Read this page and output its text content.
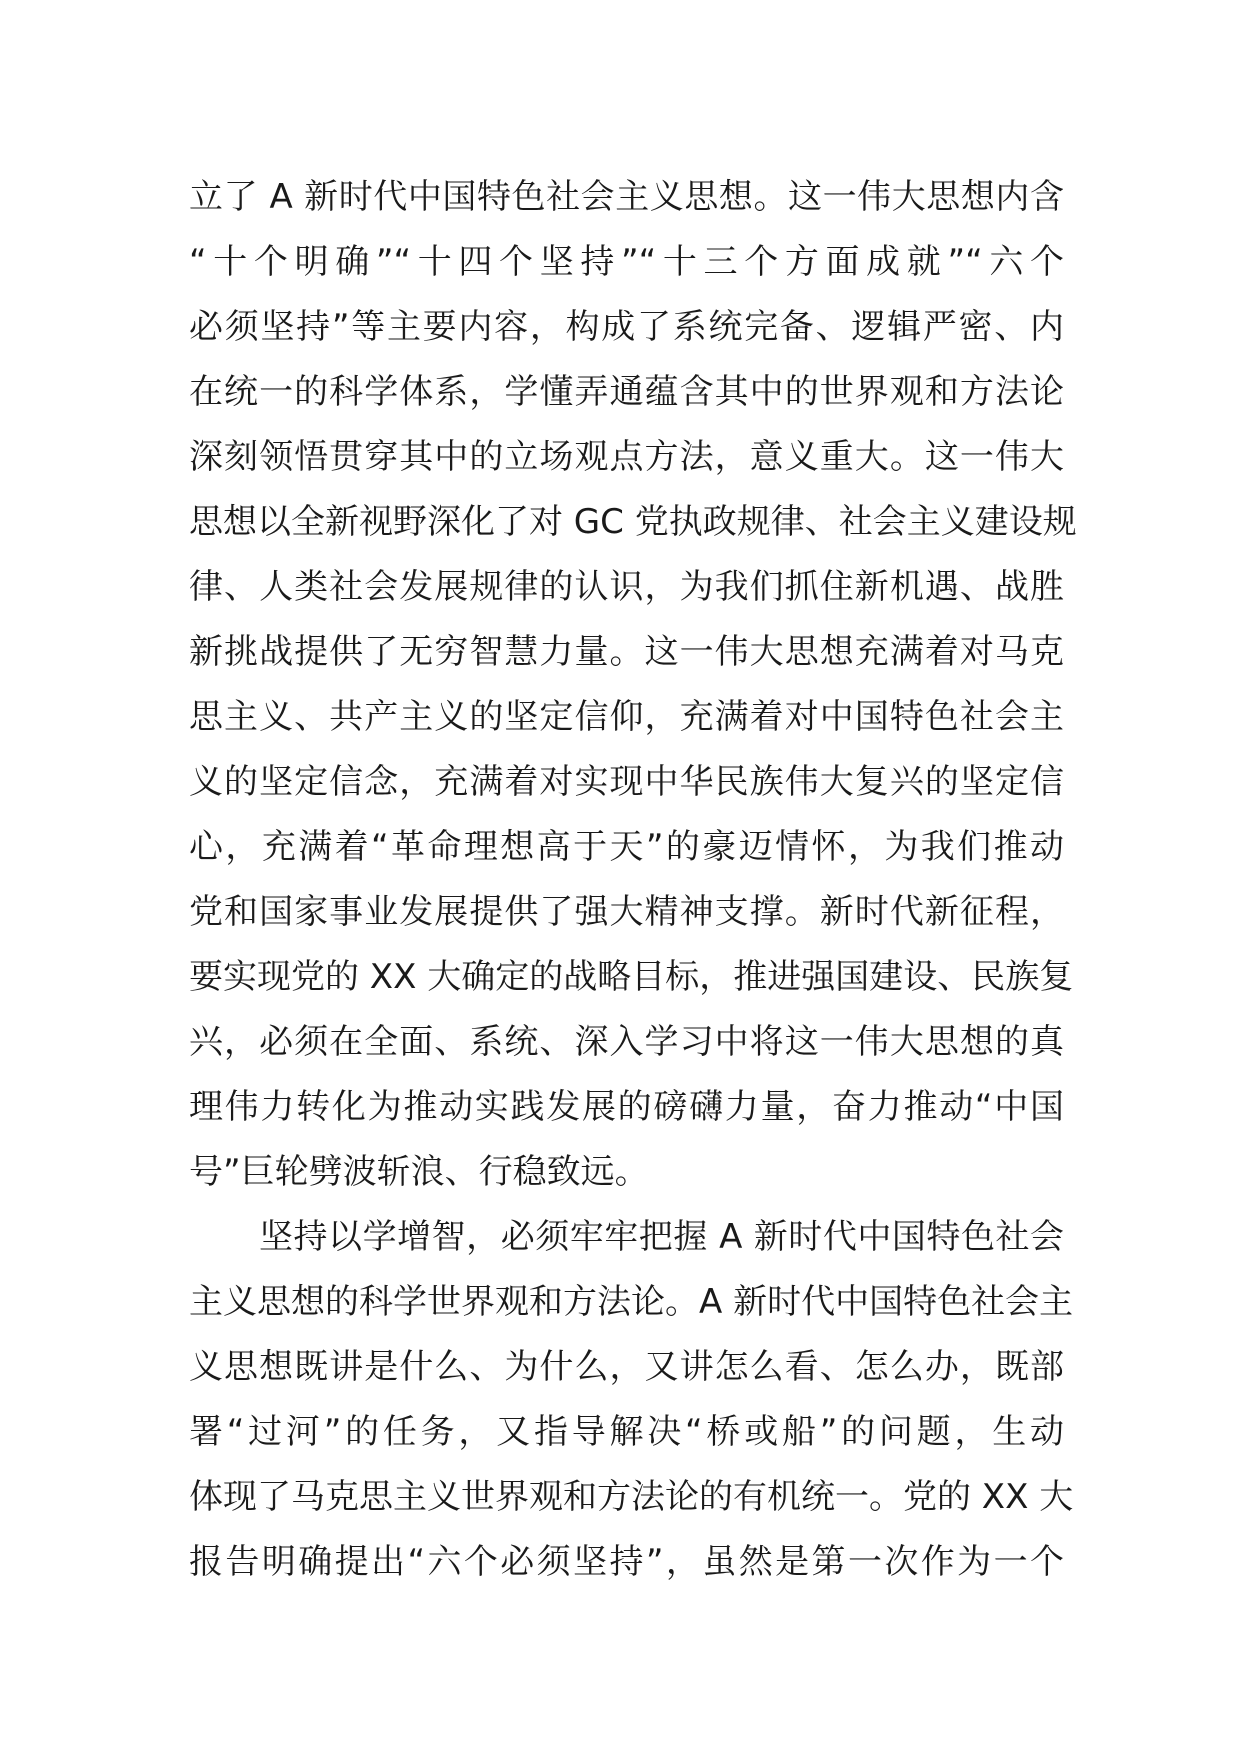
立了 A 新时代中国特色社会主义思想。这一伟大思想内含
“十个明确”“十四个坚持”“十三个方面成就”“六个
必须坚持”等主要内容，构成了系统完备、逻辑严密、内
在统一的科学体系，学懂弄通蕴含其中的世界观和方法论
深刻领悟贯穿其中的立场观点方法，意义重大。这一伟大
思想以全新视野深化了对 GC 党执政规律、社会主义建设规
律、人类社会发展规律的认识，为我们抓住新机遇、战胜
新挑战提供了无穷智慧力量。这一伟大思想充满着对马克
思主义、共产主义的坚定信仰，充满着对中国特色社会主
义的坚定信念，充满着对实现中华民族伟大复兴的坚定信
心，充满着“革命理想高于天”的豪迈情怀，为我们推动
党和国家事业发展提供了强大精神支撑。新时代新征程，
要实现党的 XX 大确定的战略目标，推进强国建设、民族复
兴，必须在全面、系统、深入学习中将这一伟大思想的真
理伟力转化为推动实践发展的磅礴力量，奋力推动“中国
号”巨轮劈波斩浪、行稳致远。
坚持以学增智，必须牢牢把握 A 新时代中国特色社会
主义思想的科学世界观和方法论。A 新时代中国特色社会主
义思想既讲是什么、为什么，又讲怎么看、怎么办，既部
署“过河”的任务，又指导解决“桥或船”的问题，生动
体现了马克思主义世界观和方法论的有机统一。党的 XX 大
报告明确提出“六个必须坚持”，虽然是第一次作为一个
